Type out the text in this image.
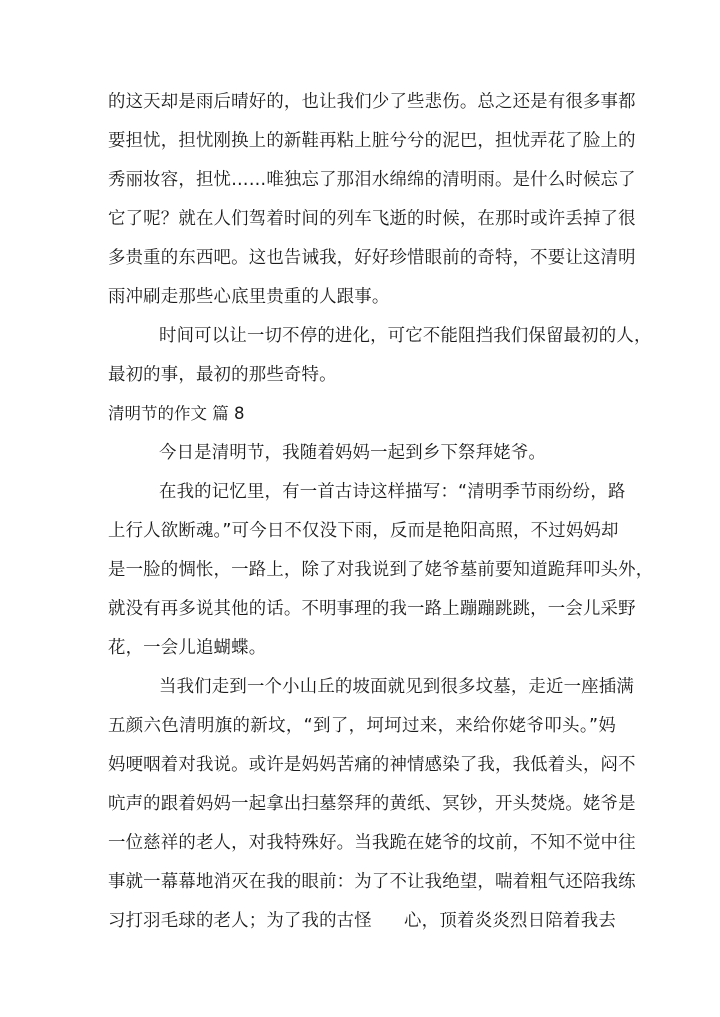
的这天却是雨后晴好的，也让我们少了些悲伤。总之还是有很多事都
要担忧，担忧刚换上的新鞋再粘上脏兮兮的泥巴，担忧弄花了脸上的
秀丽妆容，担忧……唯独忘了那泪水绵绵的清明雨。是什么时候忘了
它了呢？就在人们驾着时间的列车飞逝的时候，在那时或许丢掉了很
多贵重的东西吧。这也告诫我，好好珍惜眼前的奇特，不要让这清明
雨冲刷走那些心底里贵重的人跟事。
时间可以让一切不停的进化，可它不能阻挡我们保留最初的人，
最初的事，最初的那些奇特。
清明节的作文 篇 8
今日是清明节，我随着妈妈一起到乡下祭拜姥爷。
在我的记忆里，有一首古诗这样描写：“清明季节雨纷纷，路
上行人欲断魂。”可今日不仅没下雨，反而是艳阳高照，不过妈妈却
是一脸的惆怅，一路上，除了对我说到了姥爷墓前要知道跪拜叩头外，
就没有再多说其他的话。不明事理的我一路上蹦蹦跳跳，一会儿采野
花，一会儿追蝴蝶。
当我们走到一个小山丘的坡面就见到很多坟墓，走近一座插满
五颜六色清明旗的新坟，“到了，坷坷过来，来给你姥爷叩头。”妈
妈哽咽着对我说。或许是妈妈苦痛的神情感染了我，我低着头，闷不
吭声的跟着妈妈一起拿出扫墓祭拜的黄纸、冥钞，开头焚烧。姥爷是
一位慈祥的老人，对我特殊好。当我跪在姥爷的坟前，不知不觉中往
事就一幕幕地消灭在我的眼前：为了不让我绝望，喘着粗气还陪我练
习打羽毛球的老人；为了我的古怪 心，顶着炎炎烈日陪着我去
